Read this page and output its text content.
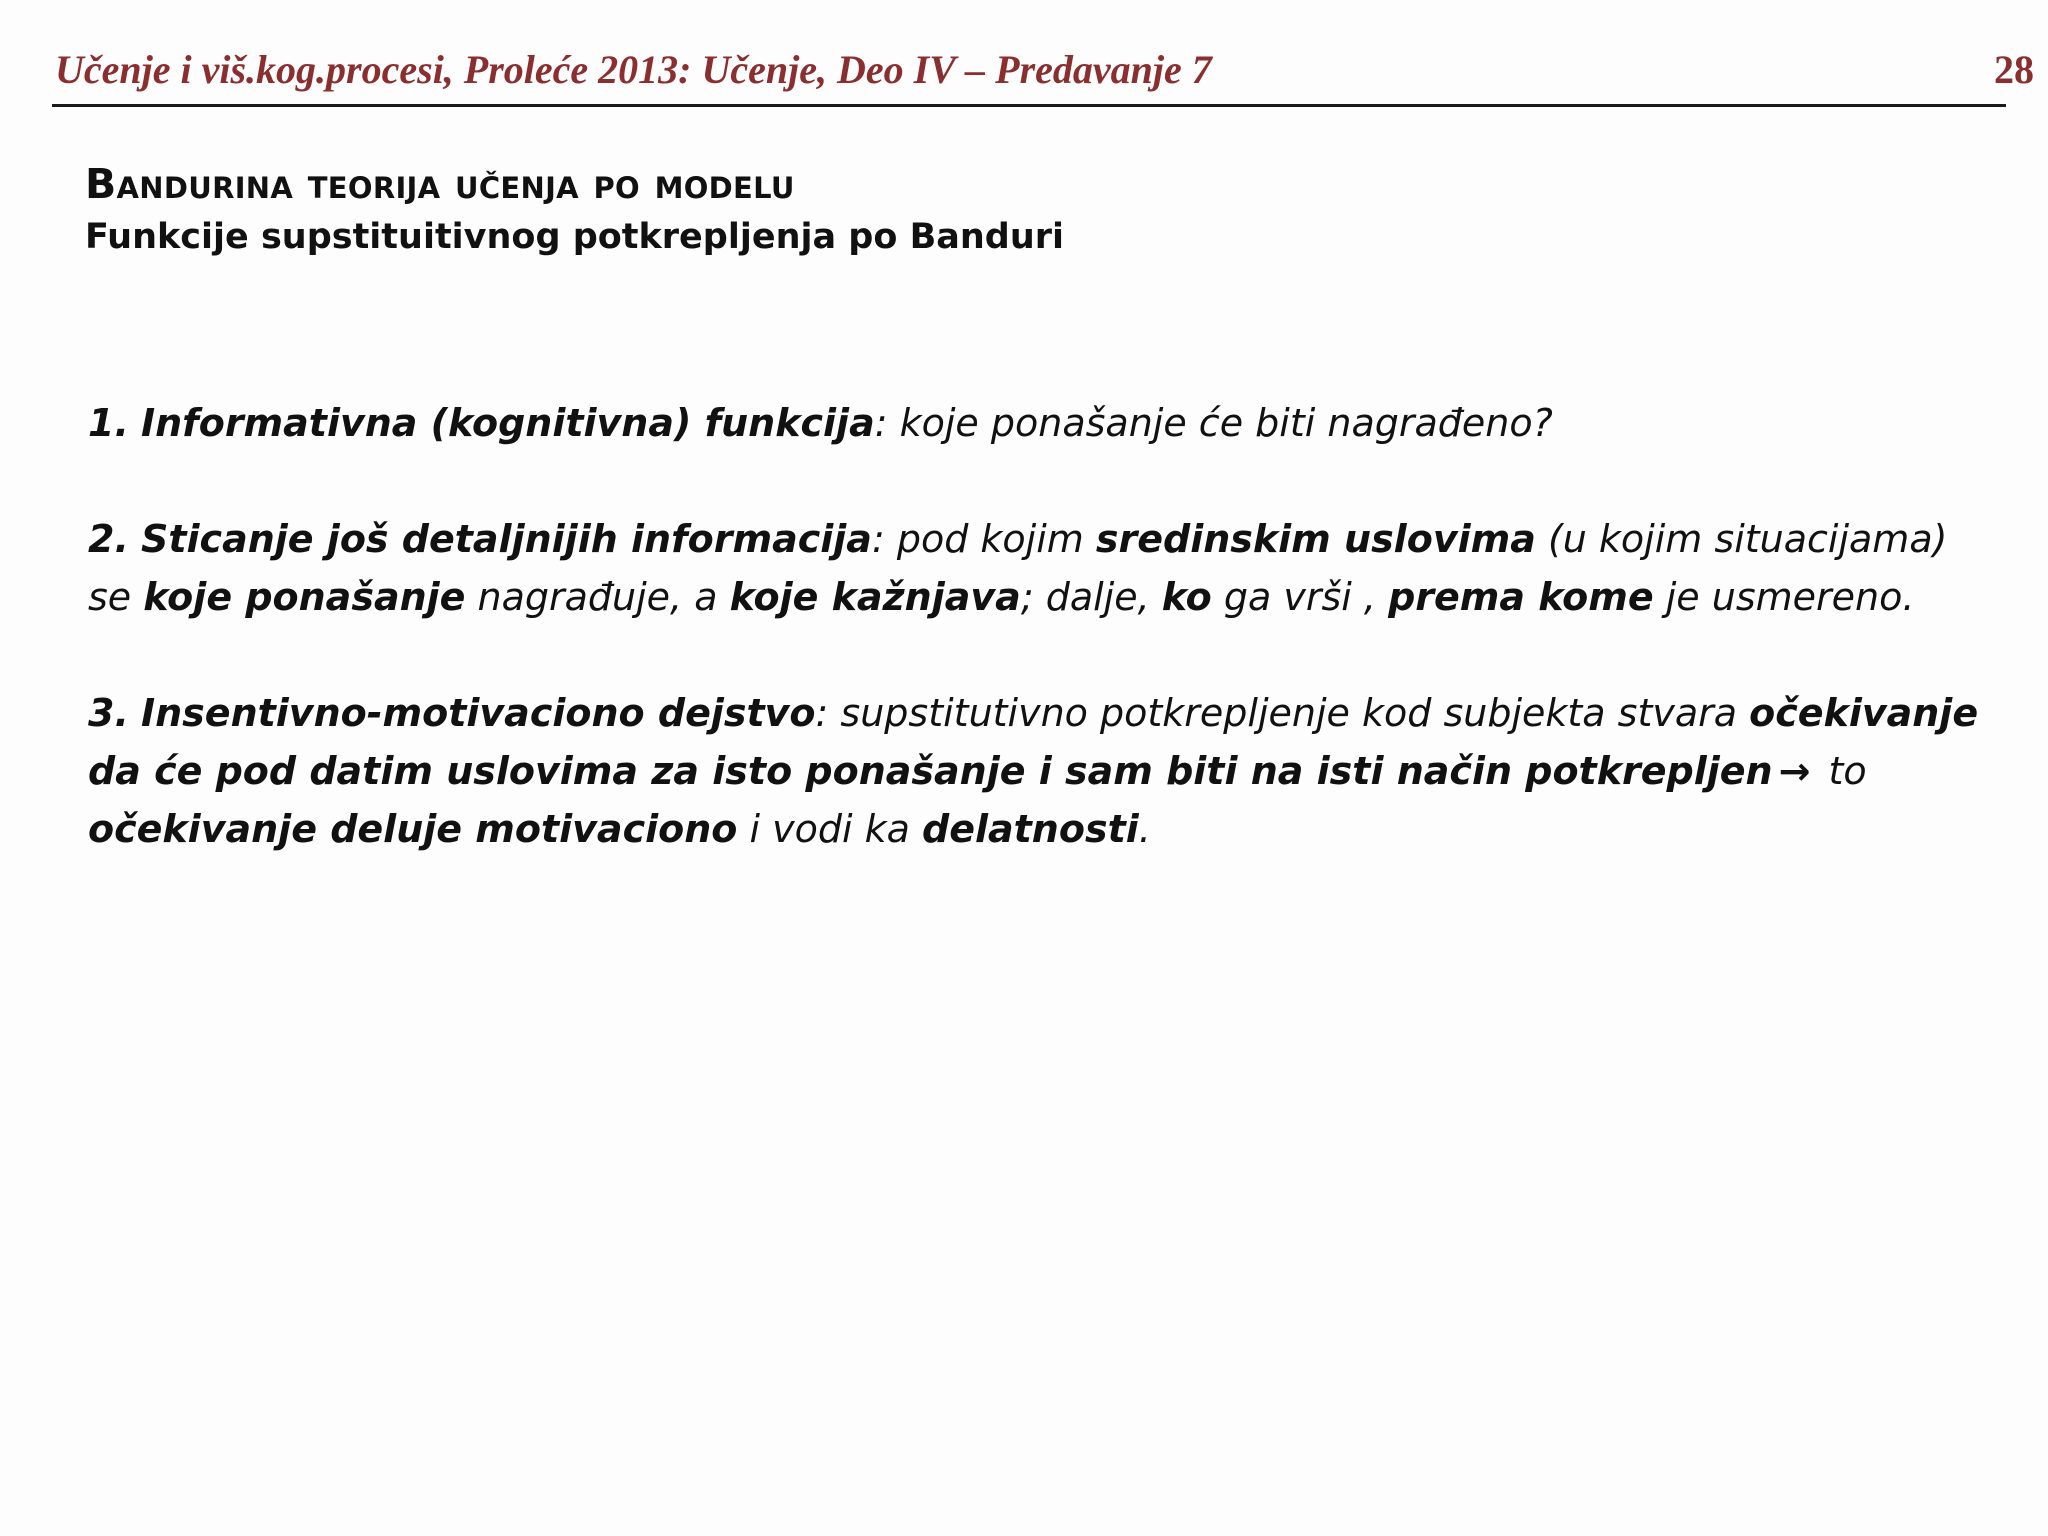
Učenje i viš.kog.procesi, Proleće 2013: Učenje, Deo IV – Predavanje 7	28
Bandurina teorija učenja po modelu
Funkcije supstituitivnog potkrepljenja po Banduri

1. Informativna (kognitivna) funkcija: koje ponašanje će biti nagrađeno?

2. Sticanje još detaljnijih informacija: pod kojim sredinskim uslovima (u kojim situacijama) se koje ponašanje nagrađuje, a koje kažnjava; dalje, ko ga vrši , prema kome je usmereno.

3. Insentivno-motivaciono dejstvo: supstitutivno potkrepljenje kod subjekta stvara očekivanje da će pod datim uslovima za isto ponašanje i sam biti na isti način potkrepljen → to očekivanje deluje motivaciono i vodi ka delatnosti.
